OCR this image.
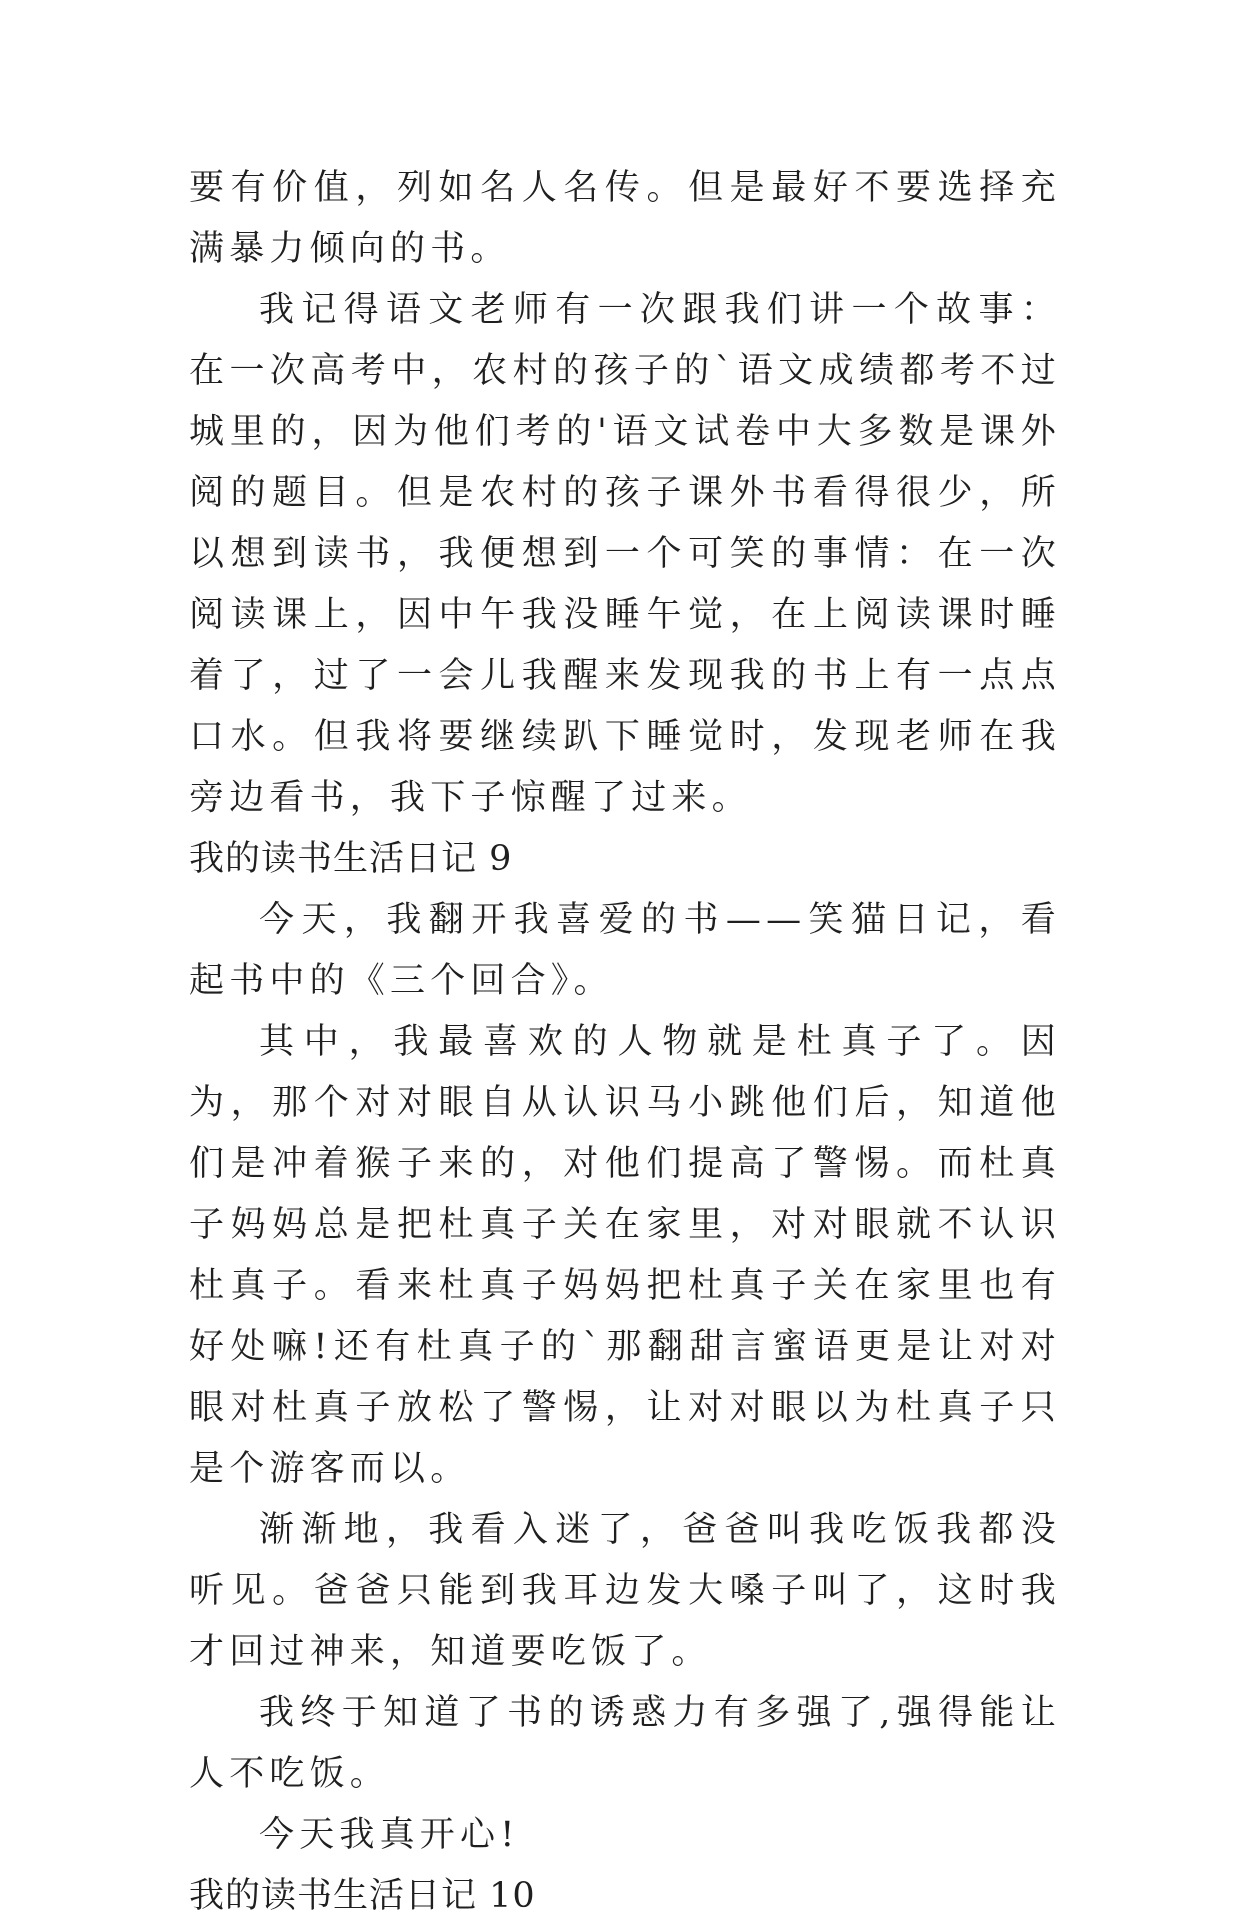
要有价值，列如名人名传。但是最好不要选择充满暴力倾向的书。

我记得语文老师有一次跟我们讲一个故事：在一次高考中，农村的孩子的`语文成绩都考不过城里的，因为他们考的'语文试卷中大多数是课外阅的题目。但是农村的孩子课外书看得很少，所以想到读书，我便想到一个可笑的事情：在一次阅读课上，因中午我没睡午觉，在上阅读课时睡着了，过了一会儿我醒来发现我的书上有一点点口水。但我将要继续趴下睡觉时，发现老师在我旁边看书，我下子惊醒了过来。

我的读书生活日记 9

今天，我翻开我喜爱的书——笑猫日记，看起书中的《三个回合》。

其中，我最喜欢的人物就是杜真子了。因为，那个对对眼自从认识马小跳他们后，知道他们是冲着猴子来的，对他们提高了警惕。而杜真子妈妈总是把杜真子关在家里，对对眼就不认识杜真子。看来杜真子妈妈把杜真子关在家里也有好处嘛!还有杜真子的`那翻甜言蜜语更是让对对眼对杜真子放松了警惕，让对对眼以为杜真子只是个游客而以。

渐渐地，我看入迷了，爸爸叫我吃饭我都没听见。爸爸只能到我耳边发大嗓子叫了，这时我才回过神来，知道要吃饭了。

我终于知道了书的诱惑力有多强了,强得能让人不吃饭。

今天我真开心!

我的读书生活日记 10
